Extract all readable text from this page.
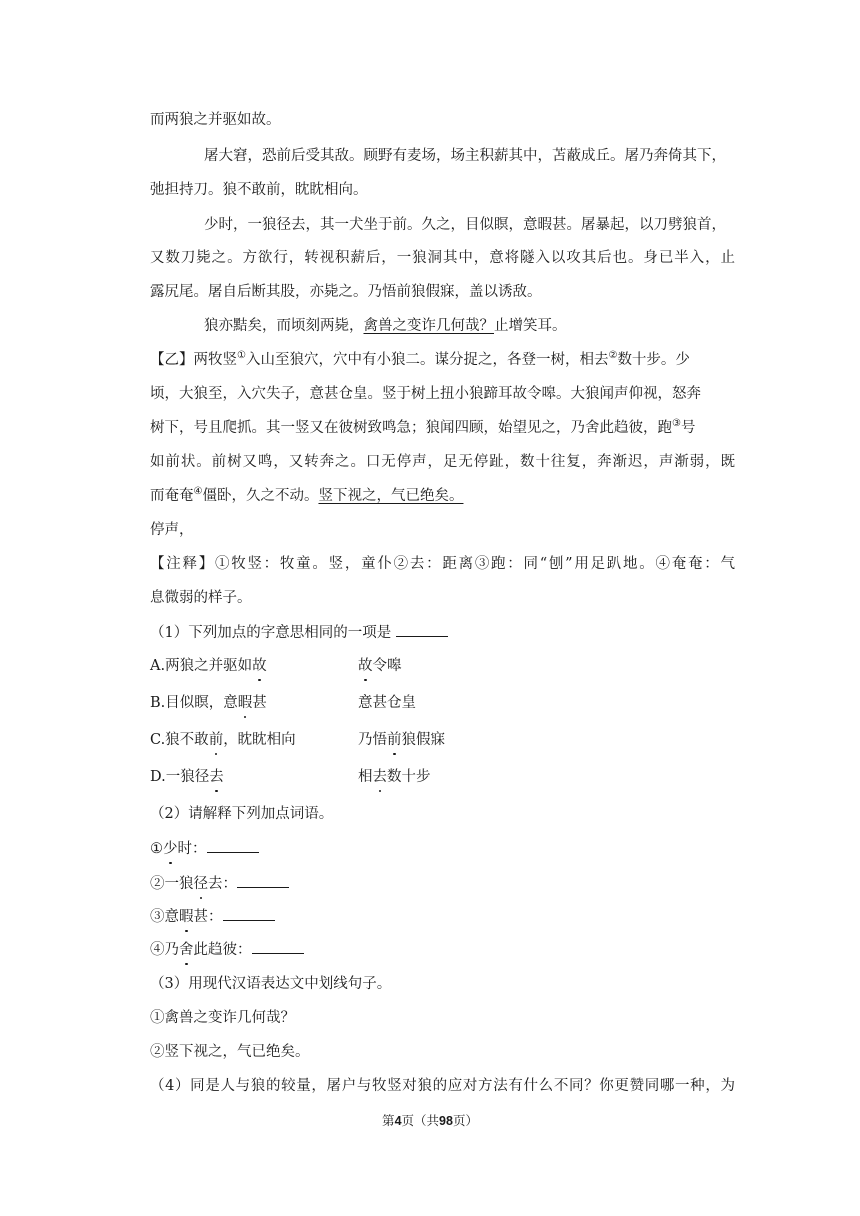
而两狼之并驱如故。
屠大窘，恐前后受其敌。顾野有麦场，场主积薪其中，苫蔽成丘。屠乃奔倚其下，
弛担持刀。狼不敢前，眈眈相向。
少时，一狼径去，其一犬坐于前。久之，目似瞑，意暇甚。屠暴起，以刀劈狼首，
又数刀毙之。方欲行，转视积薪后，一狼洞其中，意将隧入以攻其后也。身已半入，止
露尻尾。屠自后断其股，亦毙之。乃悟前狼假寐，盖以诱敌。
狼亦黠矣，而顷刻两毙，禽兽之变诈几何哉？止增笑耳。
【乙】两牧竖①入山至狼穴，穴中有小狼二。谋分捉之，各登一树，相去②数十步。少
顷，大狼至，入穴失子，意甚仓皇。竖于树上扭小狼蹄耳故令嗥。大狼闻声仰视，怒奔
树下，号且爬抓。其一竖又在彼树致鸣急；狼闻四顾，始望见之，乃舍此趋彼，跑③号
如前状。前树又鸣，又转奔之。口无停声，足无停趾，数十往复，奔渐迟，声渐弱，既
而奄奄④僵卧，久之不动。竖下视之，气已绝矣。
停声，
【注释】①牧竖：牧童。竖，童仆②去：距离③跑：同“刨”用足趴地。④奄奄：气
息微弱的样子。
（1）下列加点的字意思相同的一项是
A.两狼之并驱如故	故令嗥
B.目似瞑，意暇甚	意甚仓皇
C.狼不敢前，眈眈相向	乃悟前狼假寐
D.一狼径去	相去数十步
（2）请解释下列加点词语。
①少时：
②一狼径去：
③意暇甚：
④乃舍此趋彼：
（3）用现代汉语表达文中划线句子。
①禽兽之变诈几何哉？
②竖下视之，气已绝矣。
（4）同是人与狼的较量，屠户与牧竖对狼的应对方法有什么不同？你更赞同哪一种，为
第4页（共98页）
